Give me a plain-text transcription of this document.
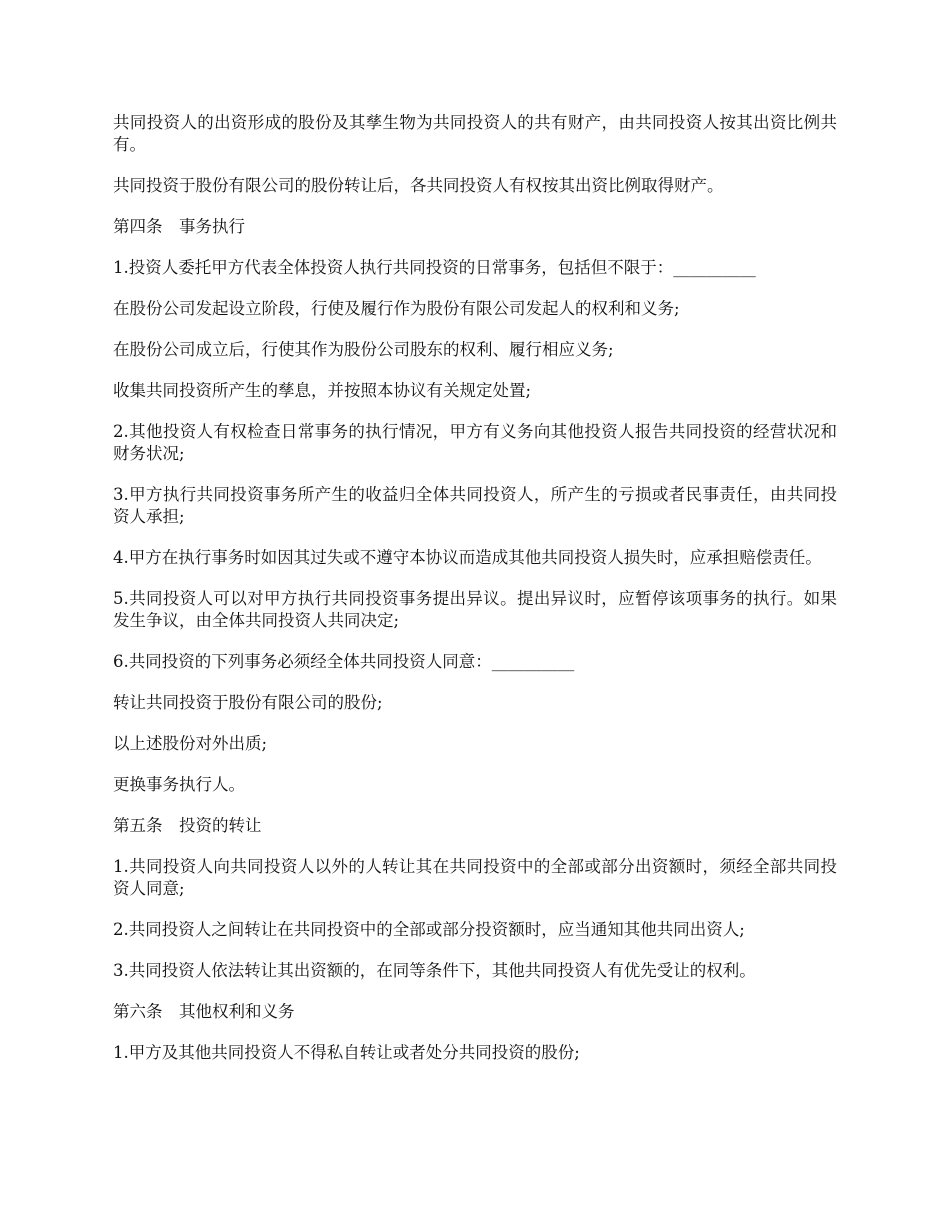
共同投资人的出资形成的股份及其孳生物为共同投资人的共有财产，由共同投资人按其出资比例共有。

共同投资于股份有限公司的股份转让后，各共同投资人有权按其出资比例取得财产。

第四条　事务执行

1.投资人委托甲方代表全体投资人执行共同投资的日常事务，包括但不限于：__________

在股份公司发起设立阶段，行使及履行作为股份有限公司发起人的权利和义务;

在股份公司成立后，行使其作为股份公司股东的权利、履行相应义务;

收集共同投资所产生的孳息，并按照本协议有关规定处置;

2.其他投资人有权检查日常事务的执行情况，甲方有义务向其他投资人报告共同投资的经营状况和财务状况;

3.甲方执行共同投资事务所产生的收益归全体共同投资人，所产生的亏损或者民事责任，由共同投资人承担;

4.甲方在执行事务时如因其过失或不遵守本协议而造成其他共同投资人损失时，应承担赔偿责任。

5.共同投资人可以对甲方执行共同投资事务提出异议。提出异议时，应暂停该项事务的执行。如果发生争议，由全体共同投资人共同决定;

6.共同投资的下列事务必须经全体共同投资人同意：__________

转让共同投资于股份有限公司的股份;

以上述股份对外出质;

更换事务执行人。

第五条　投资的转让

1.共同投资人向共同投资人以外的人转让其在共同投资中的全部或部分出资额时，须经全部共同投资人同意;

2.共同投资人之间转让在共同投资中的全部或部分投资额时，应当通知其他共同出资人;

3.共同投资人依法转让其出资额的，在同等条件下，其他共同投资人有优先受让的权利。

第六条　其他权利和义务

1.甲方及其他共同投资人不得私自转让或者处分共同投资的股份;
